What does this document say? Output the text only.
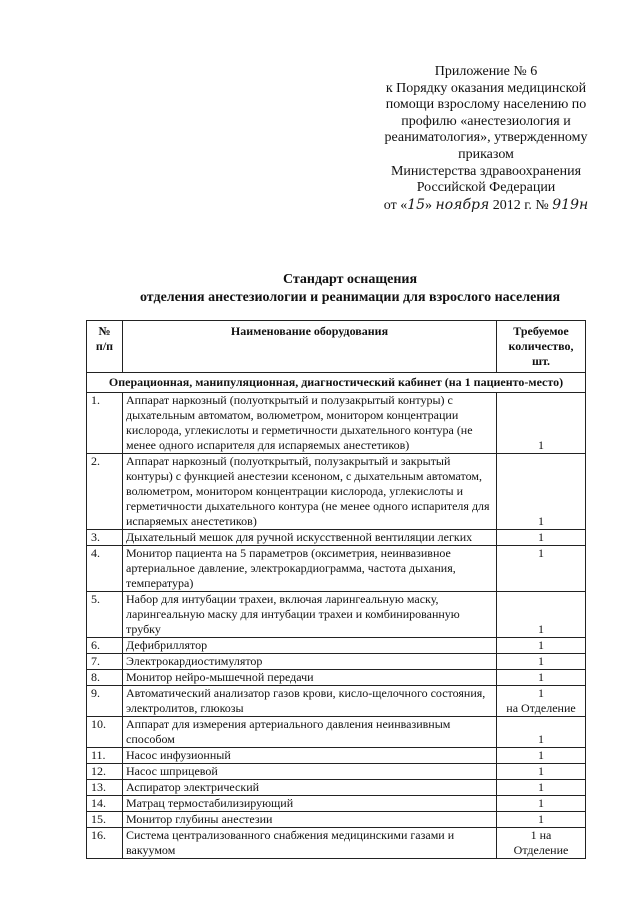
Приложение № 6
к Порядку оказания медицинской
помощи взрослому населению по
профилю «анестезиология и
реаниматология», утвержденному
приказом
Министерства здравоохранения
Российской Федерации
от «15» ноября 2012 г. № 919н
Стандарт оснащения
отделения анестезиологии и реанимации для взрослого населения
№
п/п	Наименование оборудования	Требуемое количество, шт.
Операционная, манипуляционная, диагностический кабинет (на 1 пациенто-место)		
1.	Аппарат наркозный (полуоткрытый и полузакрытый контуры) с дыхательным автоматом, волюметром, монитором концентрации кислорода, углекислоты и герметичности дыхательного контура (не менее одного испарителя для испаряемых анестетиков)	1
2.	Аппарат наркозный (полуоткрытый, полузакрытый и закрытый контуры) с функцией анестезии ксеноном, с дыхательным автоматом, волюметром, монитором концентрации кислорода, углекислоты и герметичности дыхательного контура (не менее одного испарителя для испаряемых анестетиков)	1
3.	Дыхательный мешок для ручной искусственной вентиляции легких	1
4.	Монитор пациента на 5 параметров (оксиметрия, неинвазивное артериальное давление, электрокардиограмма, частота дыхания, температура)	1
5.	Набор для интубации трахеи, включая ларингеальную маску, ларингеальную маску для интубации трахеи и комбинированную трубку	1
6.	Дефибриллятор	1
7.	Электрокардиостимулятор	1
8.	Монитор нейро-мышечной передачи	1
9.	Автоматический анализатор газов крови, кисло-щелочного состояния, электролитов, глюкозы	1
на Отделение
10.	Аппарат для измерения артериального давления неинвазивным способом	1
11.	Насос инфузионный	1
12.	Насос шприцевой	1
13.	Аспиратор электрический	1
14.	Матрац термостабилизирующий	1
15.	Монитор глубины анестезии	1
16.	Система централизованного снабжения медицинскими газами и вакуумом	1 на
Отделение
